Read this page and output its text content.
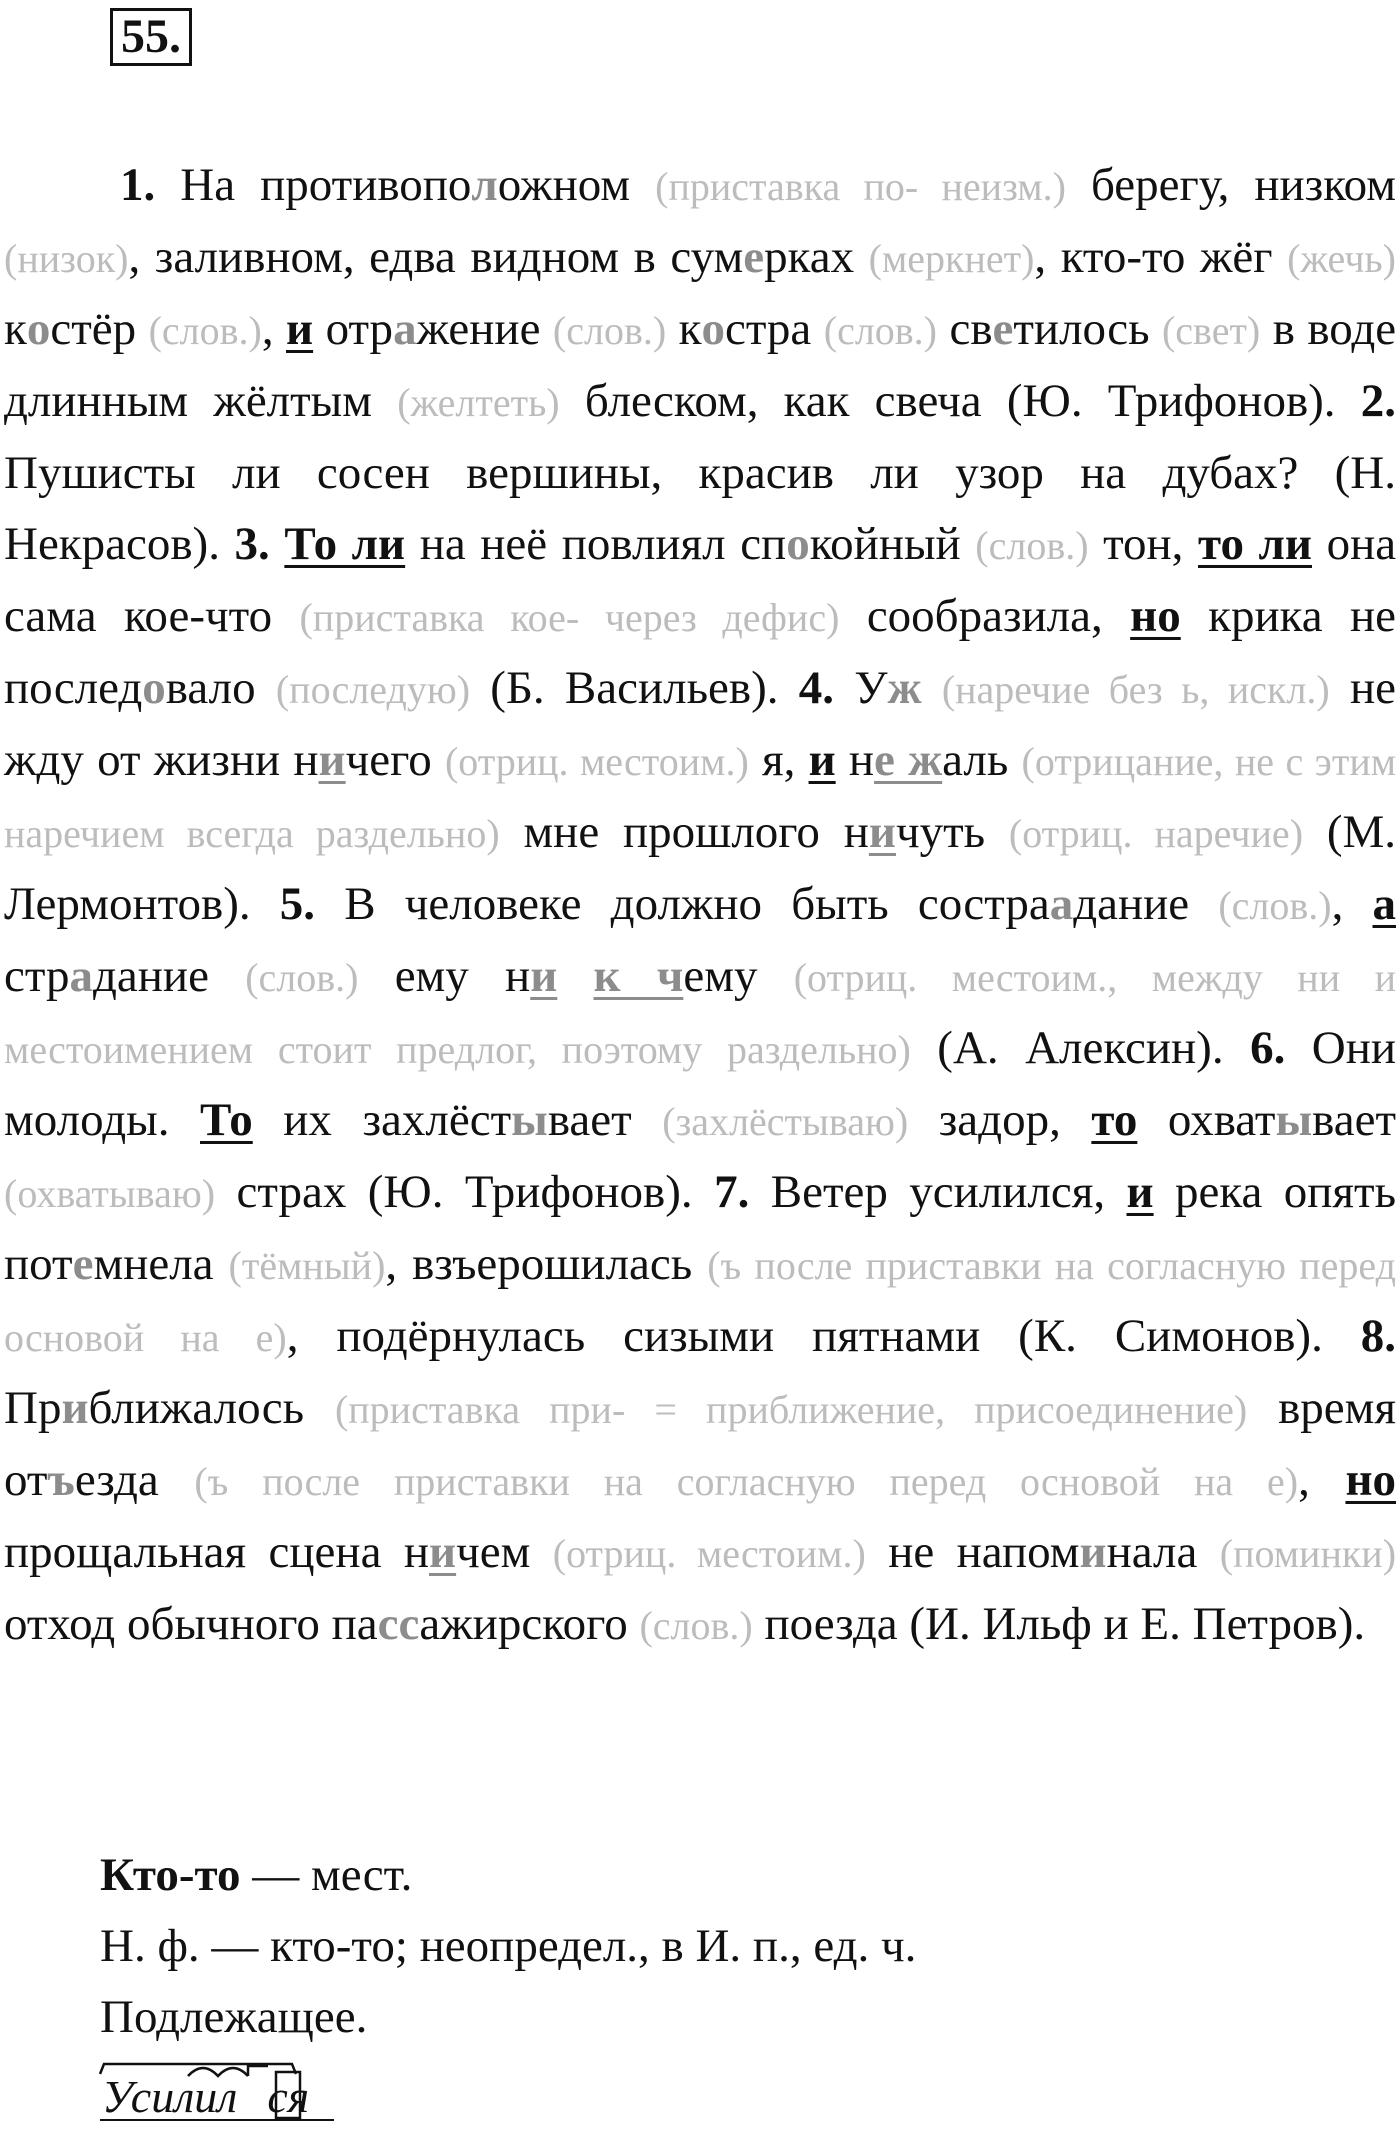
55.
1. На противоположном (приставка по- неизм.) берегу, низком (низок), заливном, едва видном в сумерках (меркнет), кто-то жёг (жечь) костёр (слов.), и отражение (слов.) костра (слов.) светилось (свет) в воде длинным жёлтым (желтеть) блеском, как свеча (Ю. Трифонов). 2. Пушисты ли сосен вершины, красив ли узор на дубах? (Н. Некрасов). 3. То ли на неё повлиял спокойный (слов.) тон, то ли она сама кое-что (приставка кое- через дефис) сообразила, но крика не последовало (последую) (Б. Васильев). 4. Уж (наречие без ь, искл.) не жду от жизни ничего (отриц. местоим.) я, и не жаль (отрицание, не с этим наречием всегда раздельно) мне прошлого ничуть (отриц. наречие) (М. Лермонтов). 5. В человеке должно быть сострaадание (слов.), а страдание (слов.) ему ни к чему (отриц. местоим., между ни и местоимением стоит предлог, поэтому раздельно) (А. Алексин). 6. Они молоды. То их захлёстывает (захлёстываю) задор, то охватывает (охватываю) страх (Ю. Трифонов). 7. Ветер усилился, и река опять потемнела (тёмный), взъерошилась (ъ после приставки на согласную перед основой на е), подёрнулась сизыми пятнами (К. Симонов). 8. Приближалось (приставка при- = приближение, присоединение) время отъезда (ъ после приставки на согласную перед основой на е), но прощальная сцена ничем (отриц. местоим.) не напоминала (поминки) отход обычного пассажирского (слов.) поезда (И. Ильф и Е. Петров).
Кто-то — мест.
Н. ф. — кто-то; неопредел., в И. п., ед. ч.
Подлежащее.
Усилил ся
